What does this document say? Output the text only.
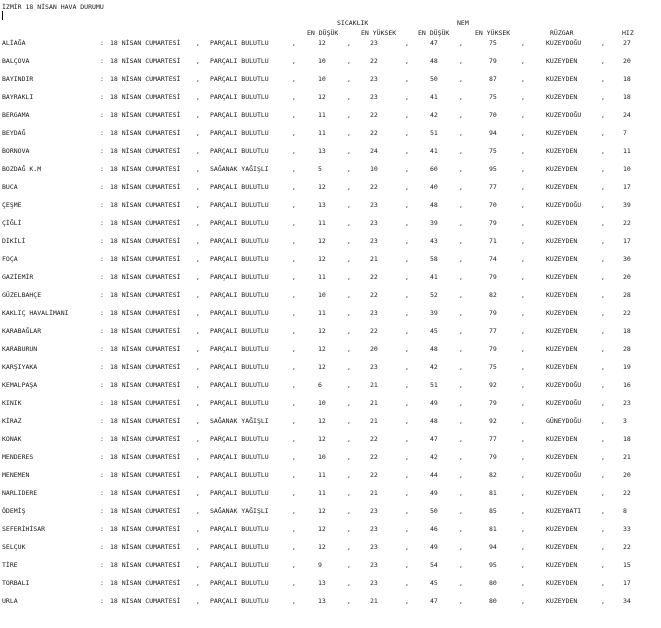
İZMİR 18 NİSAN HAVA DURUMU
SICAKLIK	NEM
EN DÜŞÜK	EN YÜKSEK	EN DÜŞÜK	EN YÜKSEK	RÜZGAR	HIZ
ALİAĞA	: 18 NİSAN CUMARTESİ , PARÇALI BULUTLU	,	12	,	23	,	47	,	75	,	KUZEYDOĞU	,	27
BALÇOVA	: 18 NİSAN CUMARTESİ , PARÇALI BULUTLU	,	10	,	22	,	48	,	79	,	KUZEYDEN	,	20
BAYINDIR	: 18 NİSAN CUMARTESİ , PARÇALI BULUTLU	,	10	,	23	,	50	,	87	,	KUZEYDEN	,	18
BAYRAKLI	: 18 NİSAN CUMARTESİ , PARÇALI BULUTLU	,	12	,	23	,	41	,	75	,	KUZEYDEN	,	18
BERGAMA	: 18 NİSAN CUMARTESİ , PARÇALI BULUTLU	,	11	,	22	,	42	,	70	,	KUZEYDOĞU	,	24
BEYDAĞ	: 18 NİSAN CUMARTESİ , PARÇALI BULUTLU	,	11	,	22	,	51	,	94	,	KUZEYDEN	,	7
BORNOVA	: 18 NİSAN CUMARTESİ , PARÇALI BULUTLU	,	13	,	24	,	41	,	75	,	KUZEYDEN	,	11
BOZDAĞ K.M	: 18 NİSAN CUMARTESİ , SAĞANAK YAĞIŞLI	,	5	,	10	,	60	,	95	,	KUZEYDEN	,	10
BUCA	: 18 NİSAN CUMARTESİ , PARÇALI BULUTLU	,	12	,	22	,	40	,	77	,	KUZEYDEN	,	17
ÇEŞME	: 18 NİSAN CUMARTESİ , PARÇALI BULUTLU	,	13	,	23	,	48	,	70	,	KUZEYDOĞU	,	39
ÇİĞLİ	: 18 NİSAN CUMARTESİ , PARÇALI BULUTLU	,	11	,	23	,	39	,	79	,	KUZEYDEN	,	22
DİKİLİ	: 18 NİSAN CUMARTESİ , PARÇALI BULUTLU	,	12	,	23	,	43	,	71	,	KUZEYDEN	,	17
FOÇA	: 18 NİSAN CUMARTESİ , PARÇALI BULUTLU	,	12	,	21	,	58	,	74	,	KUZEYDEN	,	30
GAZİEMİR	: 18 NİSAN CUMARTESİ , PARÇALI BULUTLU	,	11	,	22	,	41	,	79	,	KUZEYDEN	,	20
GÜZELBAHÇE	: 18 NİSAN CUMARTESİ , PARÇALI BULUTLU	,	10	,	22	,	52	,	82	,	KUZEYDEN	,	28
KAKLIÇ HAVALİMANI	: 18 NİSAN CUMARTESİ , PARÇALI BULUTLU	,	11	,	23	,	39	,	79	,	KUZEYDEN	,	22
KARABAĞLAR	: 18 NİSAN CUMARTESİ , PARÇALI BULUTLU	,	12	,	22	,	45	,	77	,	KUZEYDEN	,	18
KARABURUN	: 18 NİSAN CUMARTESİ , PARÇALI BULUTLU	,	12	,	20	,	48	,	79	,	KUZEYDEN	,	28
KARŞIYAKA	: 18 NİSAN CUMARTESİ , PARÇALI BULUTLU	,	12	,	23	,	42	,	75	,	KUZEYDEN	,	19
KEMALPAŞA	: 18 NİSAN CUMARTESİ , PARÇALI BULUTLU	,	6	,	21	,	51	,	92	,	KUZEYDOĞU	,	16
KINIK	: 18 NİSAN CUMARTESİ , PARÇALI BULUTLU	,	10	,	21	,	49	,	79	,	KUZEYDOĞU	,	23
KİRAZ	: 18 NİSAN CUMARTESİ , SAĞANAK YAĞIŞLI	,	12	,	21	,	48	,	92	,	GÜNEYDOĞU	,	3
KONAK	: 18 NİSAN CUMARTESİ , PARÇALI BULUTLU	,	12	,	22	,	47	,	77	,	KUZEYDEN	,	18
MENDERES	: 18 NİSAN CUMARTESİ , PARÇALI BULUTLU	,	10	,	22	,	42	,	79	,	KUZEYDEN	,	21
MENEMEN	: 18 NİSAN CUMARTESİ , PARÇALI BULUTLU	,	11	,	22	,	44	,	82	,	KUZEYDOĞU	,	20
NARLIDERE	: 18 NİSAN CUMARTESİ , PARÇALI BULUTLU	,	11	,	21	,	49	,	81	,	KUZEYDEN	,	22
ÖDEMİŞ	: 18 NİSAN CUMARTESİ , SAĞANAK YAĞIŞLI	,	12	,	23	,	50	,	85	,	KUZEYBATI	,	8
SEFERİHİSAR	: 18 NİSAN CUMARTESİ , PARÇALI BULUTLU	,	12	,	23	,	46	,	81	,	KUZEYDEN	,	33
SELÇUK	: 18 NİSAN CUMARTESİ , PARÇALI BULUTLU	,	12	,	23	,	49	,	94	,	KUZEYDEN	,	22
TİRE	: 18 NİSAN CUMARTESİ , PARÇALI BULUTLU	,	9	,	23	,	54	,	95	,	KUZEYDEN	,	15
TORBALI	: 18 NİSAN CUMARTESİ , PARÇALI BULUTLU	,	13	,	23	,	45	,	80	,	KUZEYDEN	,	17
URLA	: 18 NİSAN CUMARTESİ , PARÇALI BULUTLU	,	13	,	21	,	47	,	80	,	KUZEYDEN	,	34
